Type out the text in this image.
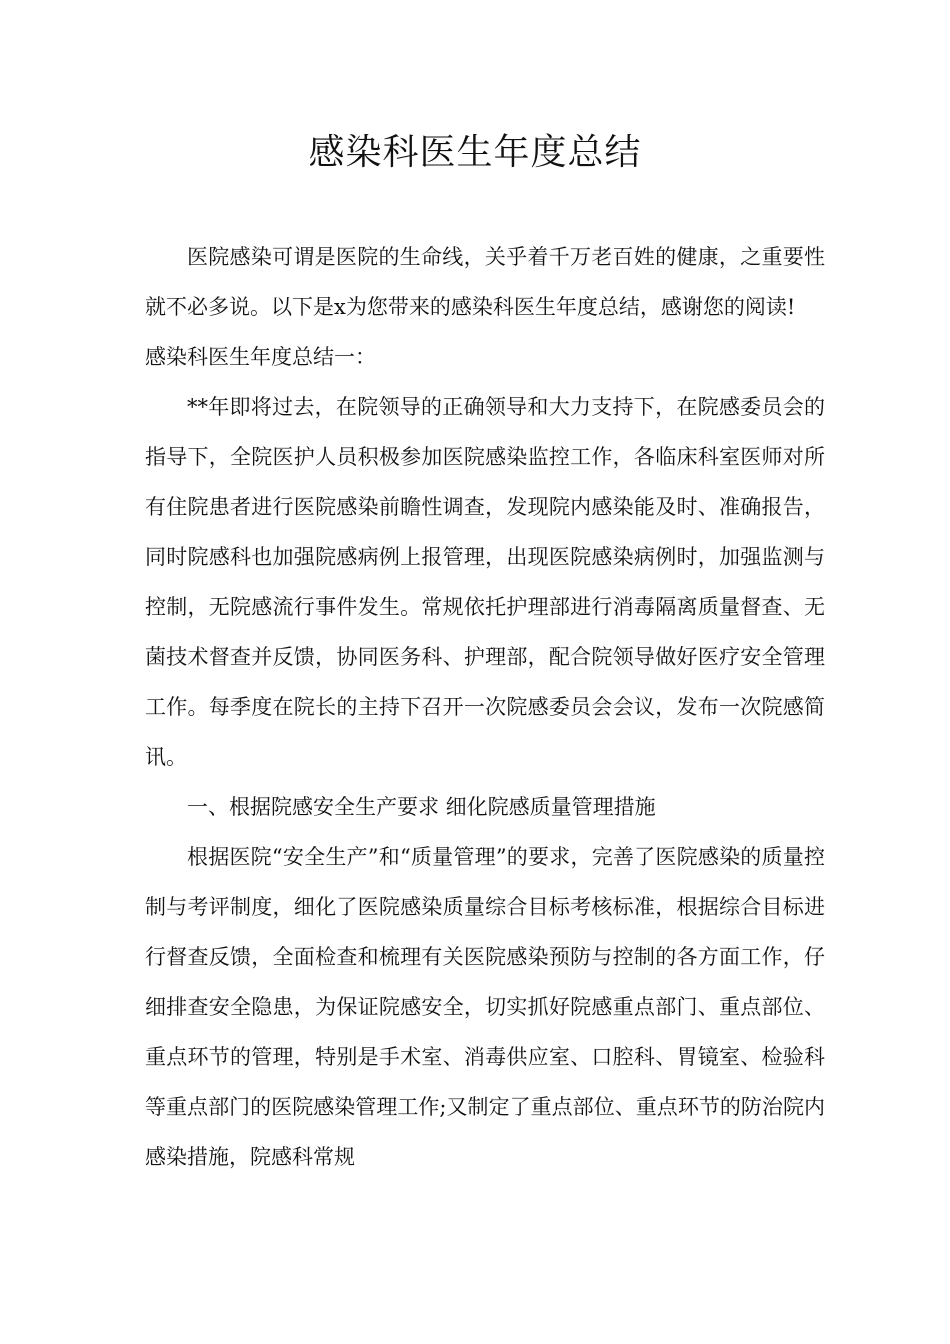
感染科医生年度总结

医院感染可谓是医院的生命线，关乎着千万老百姓的健康，之重要性就不必多说。以下是x为您带来的感染科医生年度总结，感谢您的阅读!

感染科医生年度总结一：

**年即将过去，在院领导的正确领导和大力支持下，在院感委员会的指导下，全院医护人员积极参加医院感染监控工作，各临床科室医师对所有住院患者进行医院感染前瞻性调查，发现院内感染能及时、准确报告，同时院感科也加强院感病例上报管理，出现医院感染病例时，加强监测与控制，无院感流行事件发生。常规依托护理部进行消毒隔离质量督查、无菌技术督查并反馈，协同医务科、护理部，配合院领导做好医疗安全管理工作。每季度在院长的主持下召开一次院感委员会会议，发布一次院感简讯。

一、根据院感安全生产要求 细化院感质量管理措施

根据医院“安全生产”和“质量管理”的要求，完善了医院感染的质量控制与考评制度，细化了医院感染质量综合目标考核标准，根据综合目标进行督查反馈，全面检查和梳理有关医院感染预防与控制的各方面工作，仔细排查安全隐患，为保证院感安全，切实抓好院感重点部门、重点部位、重点环节的管理，特别是手术室、消毒供应室、口腔科、胃镜室、检验科等重点部门的医院感染管理工作;又制定了重点部位、重点环节的防治院内感染措施，院感科常规
